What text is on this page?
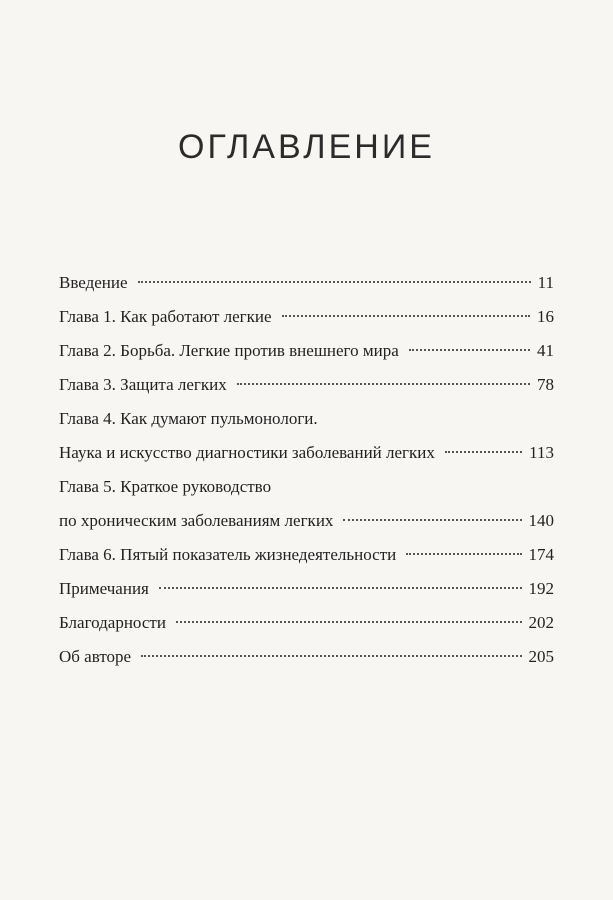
ОГЛАВЛЕНИЕ
Введение	11
Глава 1. Как работают легкие	16
Глава 2. Борьба. Легкие против внешнего мира	41
Глава 3. Защита легких	78
Глава 4. Как думают пульмонологи.
Наука и искусство диагностики заболеваний легких	113
Глава 5. Краткое руководство
по хроническим заболеваниям легких	140
Глава 6. Пятый показатель жизнедеятельности	174
Примечания	192
Благодарности	202
Об авторе	205
